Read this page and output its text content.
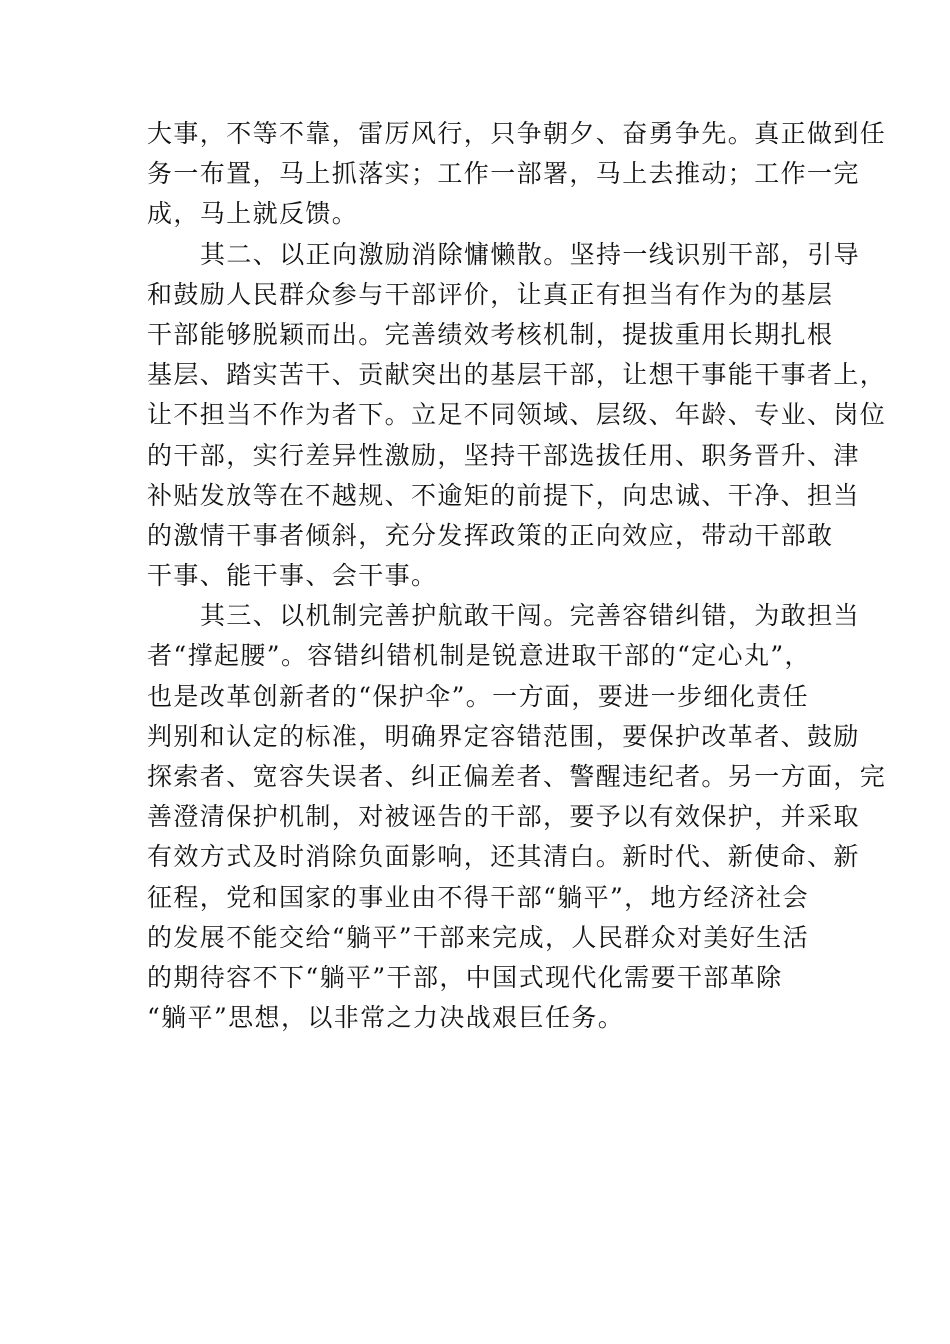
大事，不等不靠，雷厉风行，只争朝夕、奋勇争先。真正做到任
务一布置，马上抓落实；工作一部署，马上去推动；工作一完
成，马上就反馈。
其二、以正向激励消除慵懒散。坚持一线识别干部，引导
和鼓励人民群众参与干部评价，让真正有担当有作为的基层
干部能够脱颖而出。完善绩效考核机制，提拔重用长期扎根
基层、踏实苦干、贡献突出的基层干部，让想干事能干事者上，
让不担当不作为者下。立足不同领域、层级、年龄、专业、岗位
的干部，实行差异性激励，坚持干部选拔任用、职务晋升、津
补贴发放等在不越规、不逾矩的前提下，向忠诚、干净、担当
的激情干事者倾斜，充分发挥政策的正向效应，带动干部敢
干事、能干事、会干事。
其三、以机制完善护航敢干闯。完善容错纠错，为敢担当
者“撑起腰”。容错纠错机制是锐意进取干部的“定心丸”，
也是改革创新者的“保护伞”。一方面，要进一步细化责任
判别和认定的标准，明确界定容错范围，要保护改革者、鼓励
探索者、宽容失误者、纠正偏差者、警醒违纪者。另一方面，完
善澄清保护机制，对被诬告的干部，要予以有效保护，并采取
有效方式及时消除负面影响，还其清白。新时代、新使命、新
征程，党和国家的事业由不得干部“躺平”，地方经济社会
的发展不能交给“躺平”干部来完成，人民群众对美好生活
的期待容不下“躺平”干部，中国式现代化需要干部革除
“躺平”思想，以非常之力决战艰巨任务。
